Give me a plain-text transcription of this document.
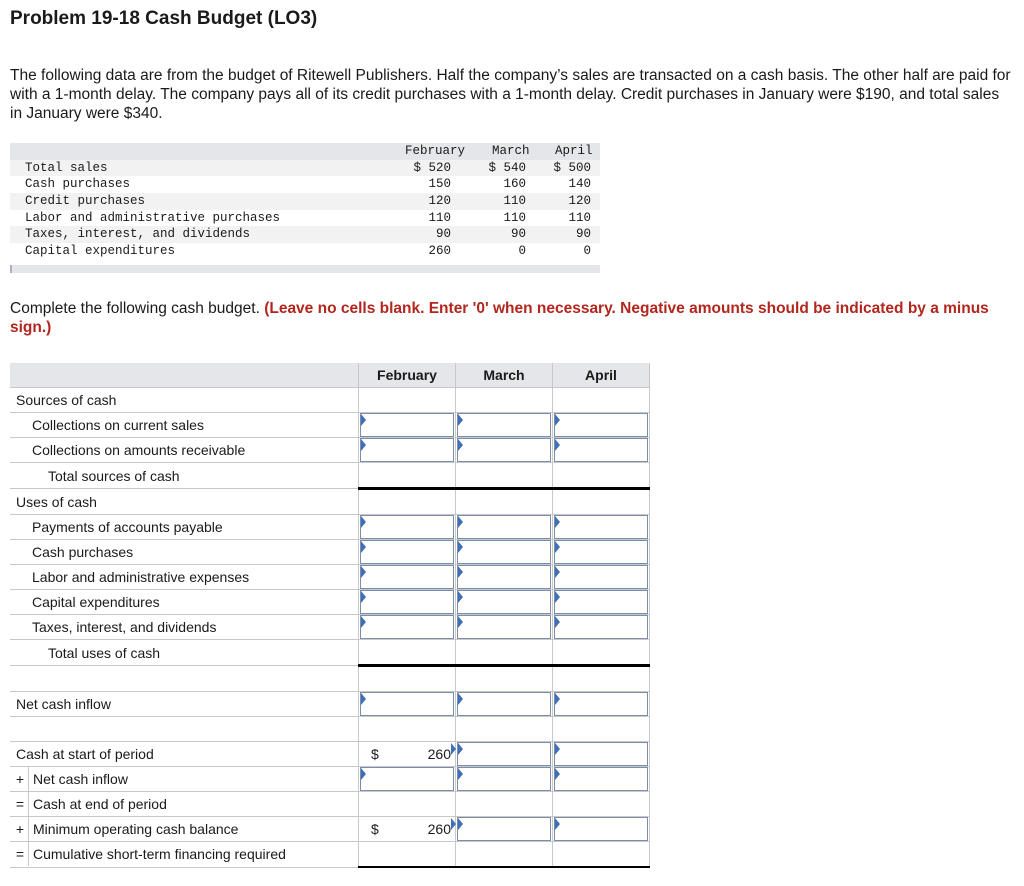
Problem 19-18 Cash Budget (LO3)
The following data are from the budget of Ritewell Publishers. Half the company’s sales are transacted on a cash basis. The other half are paid for with a 1-month delay. The company pays all of its credit purchases with a 1-month delay. Credit purchases in January were $190, and total sales in January were $340.
February March April
Total sales	$ 520	$ 540	$ 500
Cash purchases	150	160	140
Credit purchases	120	110	120
Labor and administrative purchases	110	110	110
Taxes, interest, and dividends	90	90	90
Capital expenditures	260	0	0
Complete the following cash budget. (Leave no cells blank. Enter '0' when necessary. Negative amounts should be indicated by a minus sign.)
	February	March	April
Sources of cash			
Collections on current sales	

Collections on amounts receivable	

Total sources of cash	

Uses of cash			
Payments of accounts payable	

Cash purchases	

Labor and administrative expenses	

Capital expenditures	

Taxes, interest, and dividends	

Total uses of cash	

Net cash inflow	

Cash at start of period	$ 260		

+ Net cash inflow	

= Cash at end of period	

+ Minimum operating cash balance	$ 260		

= Cumulative short-term financing required	
